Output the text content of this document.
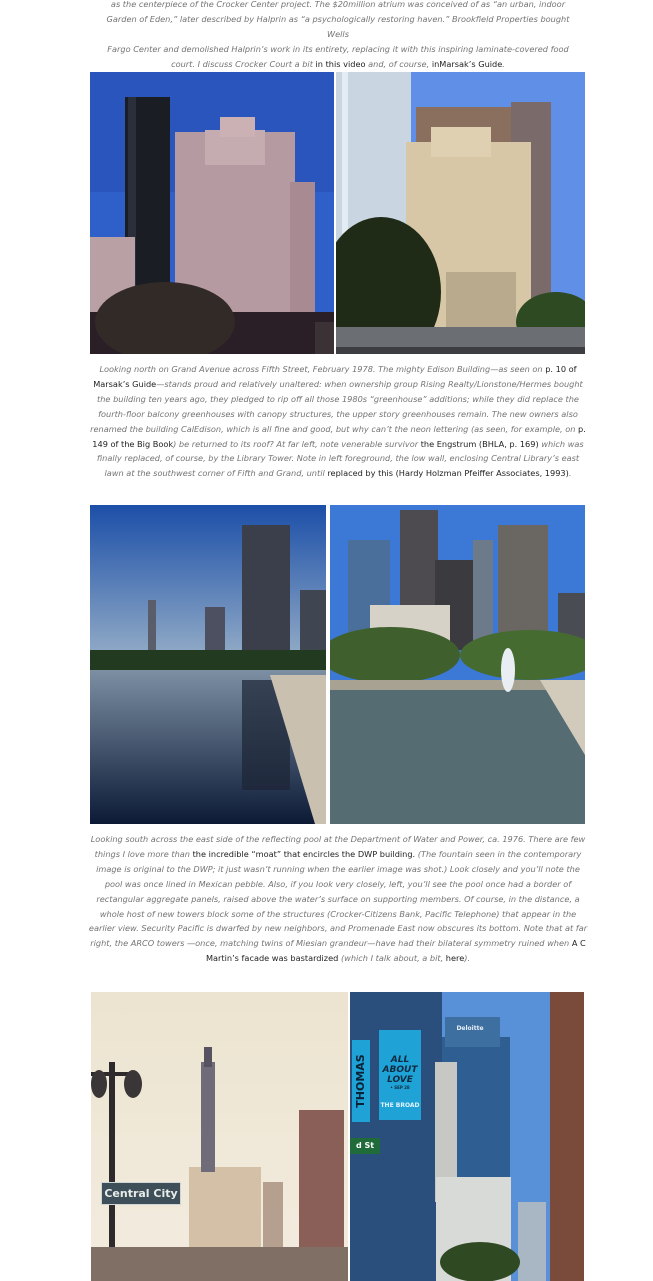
as the centerpiece of the Crocker Center project. The $20million atrium was conceived of as “an urban, indoor
Garden of Eden,” later described by Halprin as “a psychologically restoring haven.” Brookfield Properties bought Wells
Fargo Center and demolished Halprin’s work in its entirety, replacing it with this inspiring laminate-covered food
court. I discuss Crocker Court a bit in this video and, of course, inMarsak’s Guide.
Looking north on Grand Avenue across Fifth Street, February 1978. The mighty Edison Building—as seen on p. 10 of Marsak’s Guide—stands proud and relatively unaltered: when ownership group Rising Realty/Lionstone/Hermes bought the building ten years ago, they pledged to rip off all those 1980s “greenhouse” additions; while they did replace the fourth-floor balcony greenhouses with canopy structures, the upper story greenhouses remain. The new owners also renamed the building CalEdison, which is all fine and good, but why can’t the neon lettering (as seen, for example, on p. 149 of the Big Book) be returned to its roof? At far left, note venerable survivor the Engstrum (BHLA, p. 169) which was finally replaced, of course, by the Library Tower. Note in left foreground, the low wall, enclosing Central Library’s east lawn at the southwest corner of Fifth and Grand, until replaced by this (Hardy Holzman Pfeiffer Associates, 1993).
Looking south across the east side of the reflecting pool at the Department of Water and Power, ca. 1976. There are few things I love more than the incredible “moat” that encircles the DWP building. (The fountain seen in the contemporary image is original to the DWP; it just wasn’t running when the earlier image was shot.) Look closely and you’ll note the pool was once lined in Mexican pebble. Also, if you look very closely, left, you’ll see the pool once had a border of rectangular aggregate panels, raised above the water’s surface on supporting members. Of course, in the distance, a whole host of new towers block some of the structures (Crocker-Citizens Bank, Pacific Telephone) that appear in the earlier view. Security Pacific is dwarfed by new neighbors, and Promenade East now obscures its bottom. Note that at far right, the ARCO towers —once, matching twins of Miesian grandeur—have had their bilateral symmetry ruined when A C Martin’s facade was bastardized (which I talk about, a bit, here).
Central City
ALL
ABOUT
LOVE
• SEP 28
THE BROAD
THOMAS
d St
Deloitte
